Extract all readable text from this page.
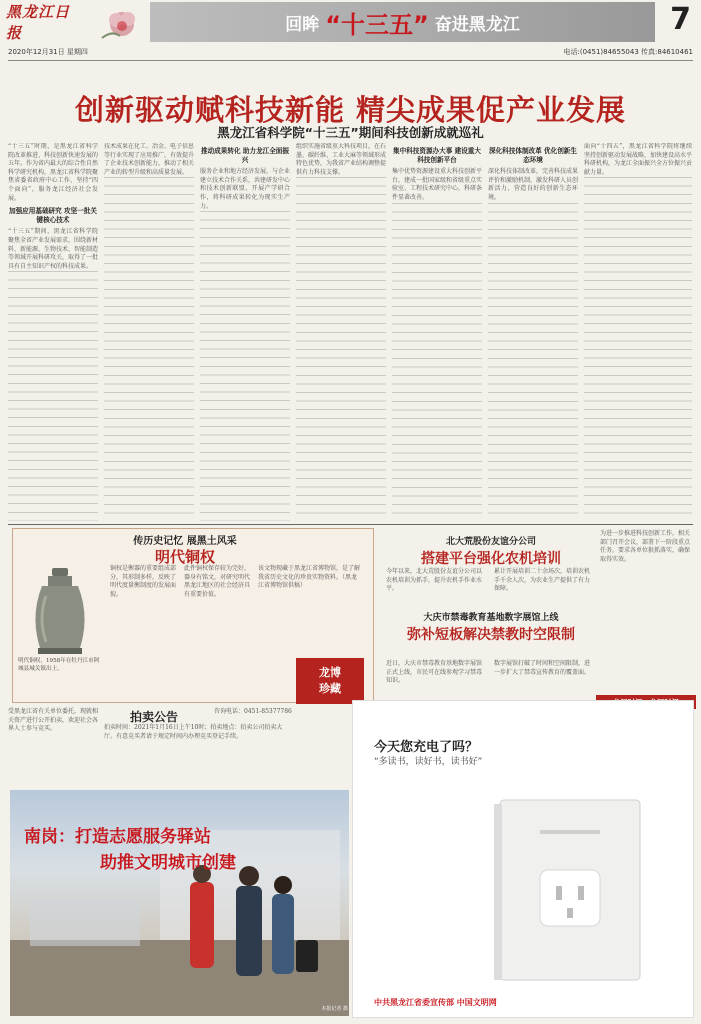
黑龙江日报	回眸 “十三五” 奋进黑龙江	7
2020年12月31日 星期四	电话:(0451)84655043 传真:84610461
创新驱动赋科技新能 精尖成果促产业发展
黑龙江省科学院“十三五”期间科技创新成就巡礼

“十三五”时期，是黑龙江省科学院改革推进、科技创新快速发展的五年。作为省内最大的综合性自然科学研究机构，黑龙江省科学院聚焦省委省政府中心工作，坚持“四个面向”，服务龙江经济社会发展。

加强应用基础研究 攻坚一批关键核心技术

“十三五”期间，黑龙江省科学院聚焦全省产业发展需求，围绕新材料、新能源、生物技术、智能制造等领域开展科研攻关，取得了一批具有自主知识产权的科技成果。

技术成果在化工、冶金、电子信息等行业实现了应用推广，有效提升了企业技术创新能力，推动了相关产业的转型升级和高质量发展。

推动成果转化 助力龙江全面振兴

服务企业和地方经济发展，与企业建立技术合作关系，共建研发中心和技术创新联盟，开展产学研合作，将科研成果转化为现实生产力。

组织实施省级重大科技项目，在石墨、碳纤维、工业大麻等领域形成特色优势，为我省产业结构调整提供有力科技支撑。

集中科技资源办大事 建设重大科技创新平台

集中优势资源建设重大科技创新平台，建成一批国家级和省级重点实验室、工程技术研究中心，科研条件显著改善。

深化科技体制改革 优化创新生态环境

深化科技体制改革，完善科技成果评价和激励机制，激发科研人员创新活力，营造良好的创新生态环境。

面向“十四五”，黑龙江省科学院将继续坚持创新驱动发展战略，加快建设高水平科研机构，为龙江全面振兴全方位振兴贡献力量。

传历史记忆 展黑土风采
明代铜权
明代铜权，1958年在牡丹江市阿城县城关镇出土。
铜权是衡器的重要组成部分，其形制多样，反映了明代度量衡制度的发展面貌。
此件铜权保存较为完好，器身有铭文，对研究明代黑龙江地区的社会经济具有重要价值。
该文物现藏于黑龙江省博物馆，是了解我省历史文化的珍贵实物资料。（黑龙江省博物馆供稿）
龙博
珍藏
北大荒股份友谊分公司
搭建平台强化农机培训
今年以来，北大荒股份友谊分公司以农机培训为抓手，提升农机手作业水平。
累计开展培训二十余场次，培训农机手千余人次，为农业生产提供了有力保障。
大庆市禁毒教育基地数字展馆上线
弥补短板解决禁教时空限制
近日，大庆市禁毒教育基地数字展馆正式上线，市民可在线参观学习禁毒知识。
数字展馆打破了时间和空间限制，进一步扩大了禁毒宣传教育的覆盖面。
为进一步推进科技创新工作，相关部门召开会议，部署下一阶段重点任务，要求各单位狠抓落实，确保取得实效。
受黑龙江省有关单位委托，现就相关资产进行公开拍卖，欢迎社会各界人士参与竞买。
拍卖公告
拍卖时间：2021年1月16日上午10时；拍卖地点：拍卖公司拍卖大厅。有意竞买者请于规定时间内办理竞买登记手续。
咨询电话：0451-85377786
南岗：打造志愿服务驿站
助推文明城市创建
本报记者 摄
今天您充电了吗？
“多读书，读好书，读书好”
中共黑龙江省委宣传部 中国文明网
